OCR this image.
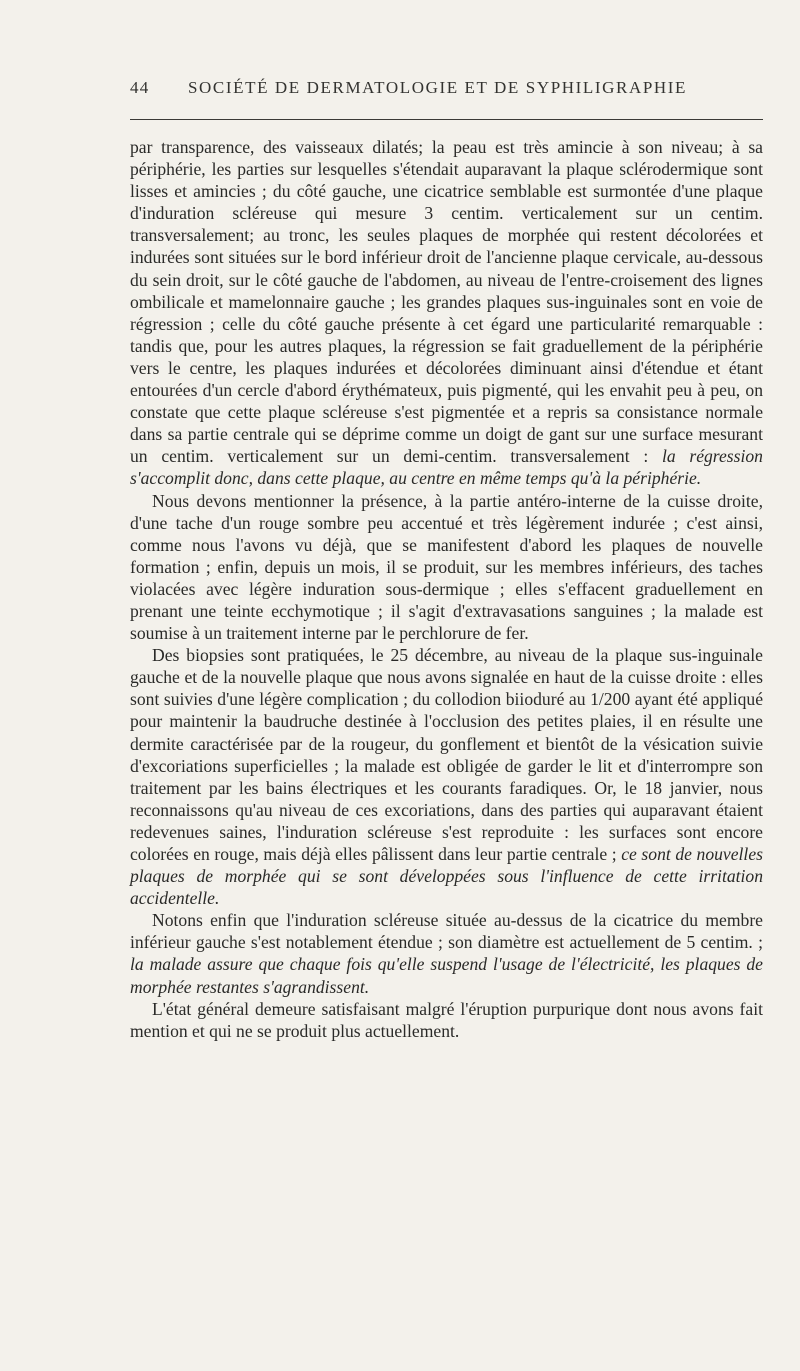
44 SOCIÉTÉ DE DERMATOLOGIE ET DE SYPHILIGRAPHIE

par transparence, des vaisseaux dilatés; la peau est très amincie à son niveau; à sa périphérie, les parties sur lesquelles s'étendait auparavant la plaque sclérodermique sont lisses et amincies ; du côté gauche, une cicatrice semblable est surmontée d'une plaque d'induration scléreuse qui mesure 3 centim. verticalement sur un centim. transversalement; au tronc, les seules plaques de morphée qui restent décolorées et indurées sont situées sur le bord inférieur droit de l'ancienne plaque cervicale, au-dessous du sein droit, sur le côté gauche de l'abdomen, au niveau de l'entre-croisement des lignes ombilicale et mamelonnaire gauche ; les grandes plaques sus-inguinales sont en voie de régression ; celle du côté gauche présente à cet égard une particularité remarquable : tandis que, pour les autres plaques, la régression se fait graduellement de la périphérie vers le centre, les plaques indurées et décolorées diminuant ainsi d'étendue et étant entourées d'un cercle d'abord érythémateux, puis pigmenté, qui les envahit peu à peu, on constate que cette plaque scléreuse s'est pigmentée et a repris sa consistance normale dans sa partie centrale qui se déprime comme un doigt de gant sur une surface mesurant un centim. verticalement sur un demi-centim. transversalement : la régression s'accomplit donc, dans cette plaque, au centre en même temps qu'à la périphérie.

Nous devons mentionner la présence, à la partie antéro-interne de la cuisse droite, d'une tache d'un rouge sombre peu accentué et très légèrement indurée ; c'est ainsi, comme nous l'avons vu déjà, que se manifestent d'abord les plaques de nouvelle formation ; enfin, depuis un mois, il se produit, sur les membres inférieurs, des taches violacées avec légère induration sous-dermique ; elles s'effacent graduellement en prenant une teinte ecchymotique ; il s'agit d'extravasations sanguines ; la malade est soumise à un traitement interne par le perchlorure de fer.

Des biopsies sont pratiquées, le 25 décembre, au niveau de la plaque sus-inguinale gauche et de la nouvelle plaque que nous avons signalée en haut de la cuisse droite : elles sont suivies d'une légère complication ; du collodion biioduré au 1/200 ayant été appliqué pour maintenir la baudruche destinée à l'occlusion des petites plaies, il en résulte une dermite caractérisée par de la rougeur, du gonflement et bientôt de la vésication suivie d'excoriations superficielles ; la malade est obligée de garder le lit et d'interrompre son traitement par les bains électriques et les courants faradiques. Or, le 18 janvier, nous reconnaissons qu'au niveau de ces excoriations, dans des parties qui auparavant étaient redevenues saines, l'induration scléreuse s'est reproduite : les surfaces sont encore colorées en rouge, mais déjà elles pâlissent dans leur partie centrale ; ce sont de nouvelles plaques de morphée qui se sont développées sous l'influence de cette irritation accidentelle.

Notons enfin que l'induration scléreuse située au-dessus de la cicatrice du membre inférieur gauche s'est notablement étendue ; son diamètre est actuellement de 5 centim. ; la malade assure que chaque fois qu'elle suspend l'usage de l'électricité, les plaques de morphée restantes s'agrandissent.

L'état général demeure satisfaisant malgré l'éruption purpurique dont nous avons fait mention et qui ne se produit plus actuellement.
